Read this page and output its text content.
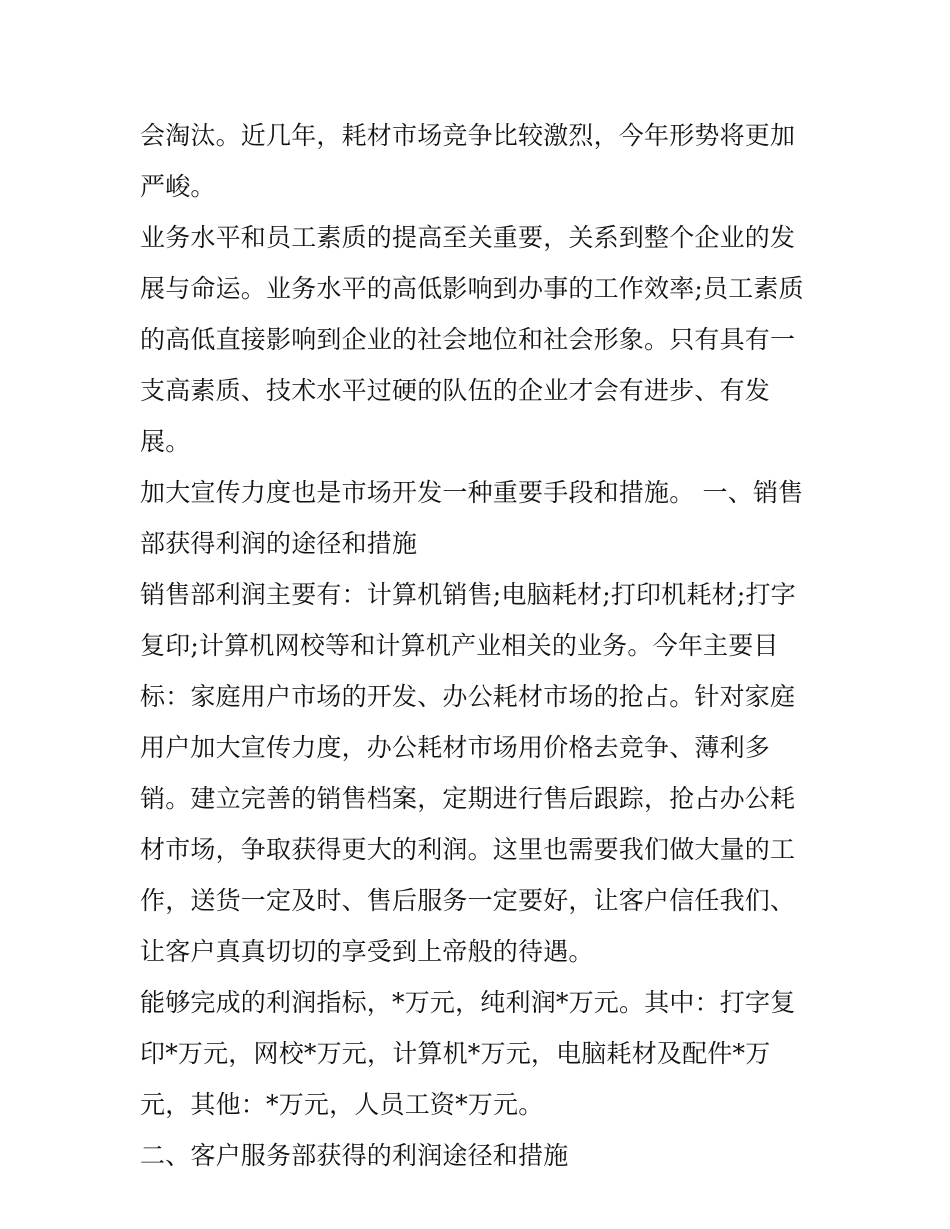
会淘汰。近几年，耗材市场竞争比较激烈，今年形势将更加严峻。

业务水平和员工素质的提高至关重要，关系到整个企业的发展与命运。业务水平的高低影响到办事的工作效率;员工素质的高低直接影响到企业的社会地位和社会形象。只有具有一支高素质、技术水平过硬的队伍的企业才会有进步、有发展。

加大宣传力度也是市场开发一种重要手段和措施。 一、销售部获得利润的途径和措施

销售部利润主要有：计算机销售;电脑耗材;打印机耗材;打字复印;计算机网校等和计算机产业相关的业务。今年主要目标：家庭用户市场的开发、办公耗材市场的抢占。针对家庭用户加大宣传力度，办公耗材市场用价格去竞争、薄利多销。建立完善的销售档案，定期进行售后跟踪，抢占办公耗材市场，争取获得更大的利润。这里也需要我们做大量的工作，送货一定及时、售后服务一定要好，让客户信任我们、让客户真真切切的享受到上帝般的待遇。

能够完成的利润指标，*万元，纯利润*万元。其中：打字复印*万元，网校*万元，计算机*万元，电脑耗材及配件*万元，其他：*万元，人员工资*万元。

二、客户服务部获得的利润途径和措施
